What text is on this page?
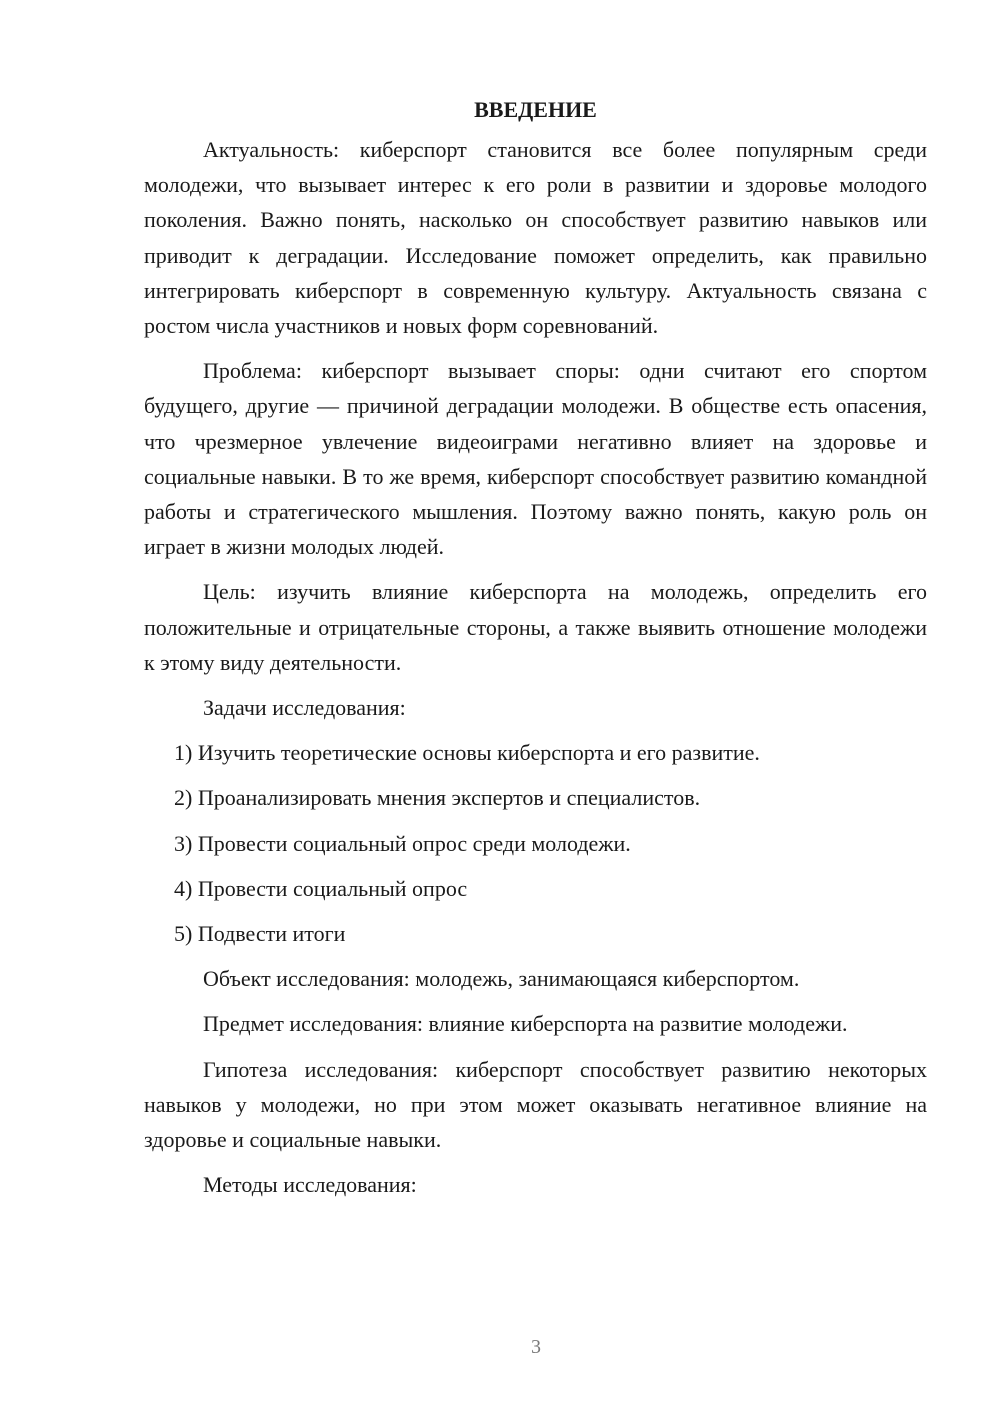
ВВЕДЕНИЕ

Актуальность: киберспорт становится все более популярным среди молодежи, что вызывает интерес к его роли в развитии и здоровье молодого поколения. Важно понять, насколько он способствует развитию навыков или приводит к деградации. Исследование поможет определить, как правильно интегрировать киберспорт в современную культуру. Актуальность связана с ростом числа участников и новых форм соревнований.

Проблема: киберспорт вызывает споры: одни считают его спортом будущего, другие — причиной деградации молодежи. В обществе есть опасения, что чрезмерное увлечение видеоиграми негативно влияет на здоровье и социальные навыки. В то же время, киберспорт способствует развитию командной работы и стратегического мышления. Поэтому важно понять, какую роль он играет в жизни молодых людей.

Цель: изучить влияние киберспорта на молодежь, определить его положительные и отрицательные стороны, а также выявить отношение молодежи к этому виду деятельности.

Задачи исследования:

1) Изучить теоретические основы киберспорта и его развитие.
2) Проанализировать мнения экспертов и специалистов.
3) Провести социальный опрос среди молодежи.
4) Провести социальный опрос
5) Подвести итоги

Объект исследования: молодежь, занимающаяся киберспортом.

Предмет исследования: влияние киберспорта на развитие молодежи.

Гипотеза исследования: киберспорт способствует развитию некоторых навыков у молодежи, но при этом может оказывать негативное влияние на здоровье и социальные навыки.

Методы исследования:

3
